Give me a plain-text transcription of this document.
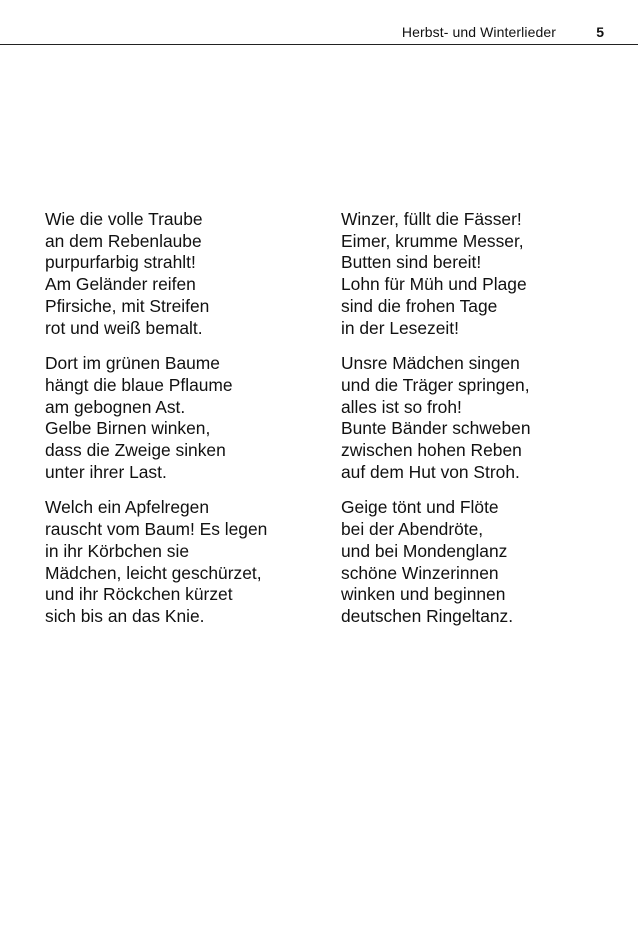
Herbst- und Winterlieder	5
Wie die volle Traube
an dem Rebenlaube
purpurfarbig strahlt!
Am Geländer reifen
Pfirsiche, mit Streifen
rot und weiß bemalt.
Dort im grünen Baume
hängt die blaue Pflaume
am gebognen Ast.
Gelbe Birnen winken,
dass die Zweige sinken
unter ihrer Last.
Welch ein Apfelregen
rauscht vom Baum! Es legen
in ihr Körbchen sie
Mädchen, leicht geschürzet,
und ihr Röckchen kürzet
sich bis an das Knie.
Winzer, füllt die Fässer!
Eimer, krumme Messer,
Butten sind bereit!
Lohn für Müh und Plage
sind die frohen Tage
in der Lesezeit!
Unsre Mädchen singen
und die Träger springen,
alles ist so froh!
Bunte Bänder schweben
zwischen hohen Reben
auf dem Hut von Stroh.
Geige tönt und Flöte
bei der Abendröte,
und bei Mondenglanz
schöne Winzerinnen
winken und beginnen
deutschen Ringeltanz.
